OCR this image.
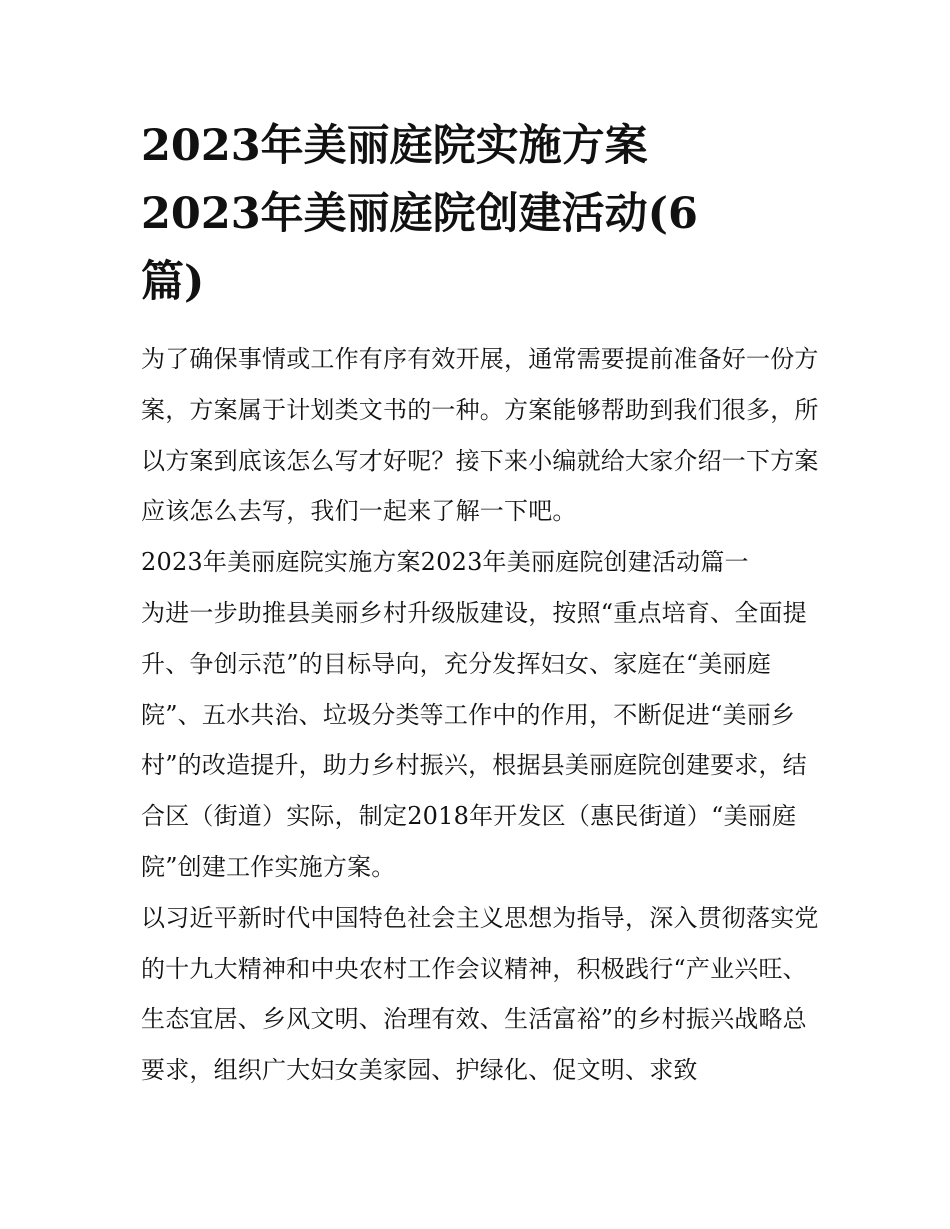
2023年美丽庭院实施方案
2023年美丽庭院创建活动(6
篇)
为了确保事情或工作有序有效开展，通常需要提前准备好一份方案，方案属于计划类文书的一种。方案能够帮助到我们很多，所以方案到底该怎么写才好呢？接下来小编就给大家介绍一下方案应该怎么去写，我们一起来了解一下吧。
2023年美丽庭院实施方案2023年美丽庭院创建活动篇一
为进一步助推县美丽乡村升级版建设，按照“重点培育、全面提升、争创示范”的目标导向，充分发挥妇女、家庭在“美丽庭院”、五水共治、垃圾分类等工作中的作用，不断促进“美丽乡村”的改造提升，助力乡村振兴，根据县美丽庭院创建要求，结合区（街道）实际，制定2018年开发区（惠民街道）“美丽庭院”创建工作实施方案。
以习近平新时代中国特色社会主义思想为指导，深入贯彻落实党的十九大精神和中央农村工作会议精神，积极践行“产业兴旺、生态宜居、乡风文明、治理有效、生活富裕”的乡村振兴战略总要求，组织广大妇女美家园、护绿化、促文明、求致
